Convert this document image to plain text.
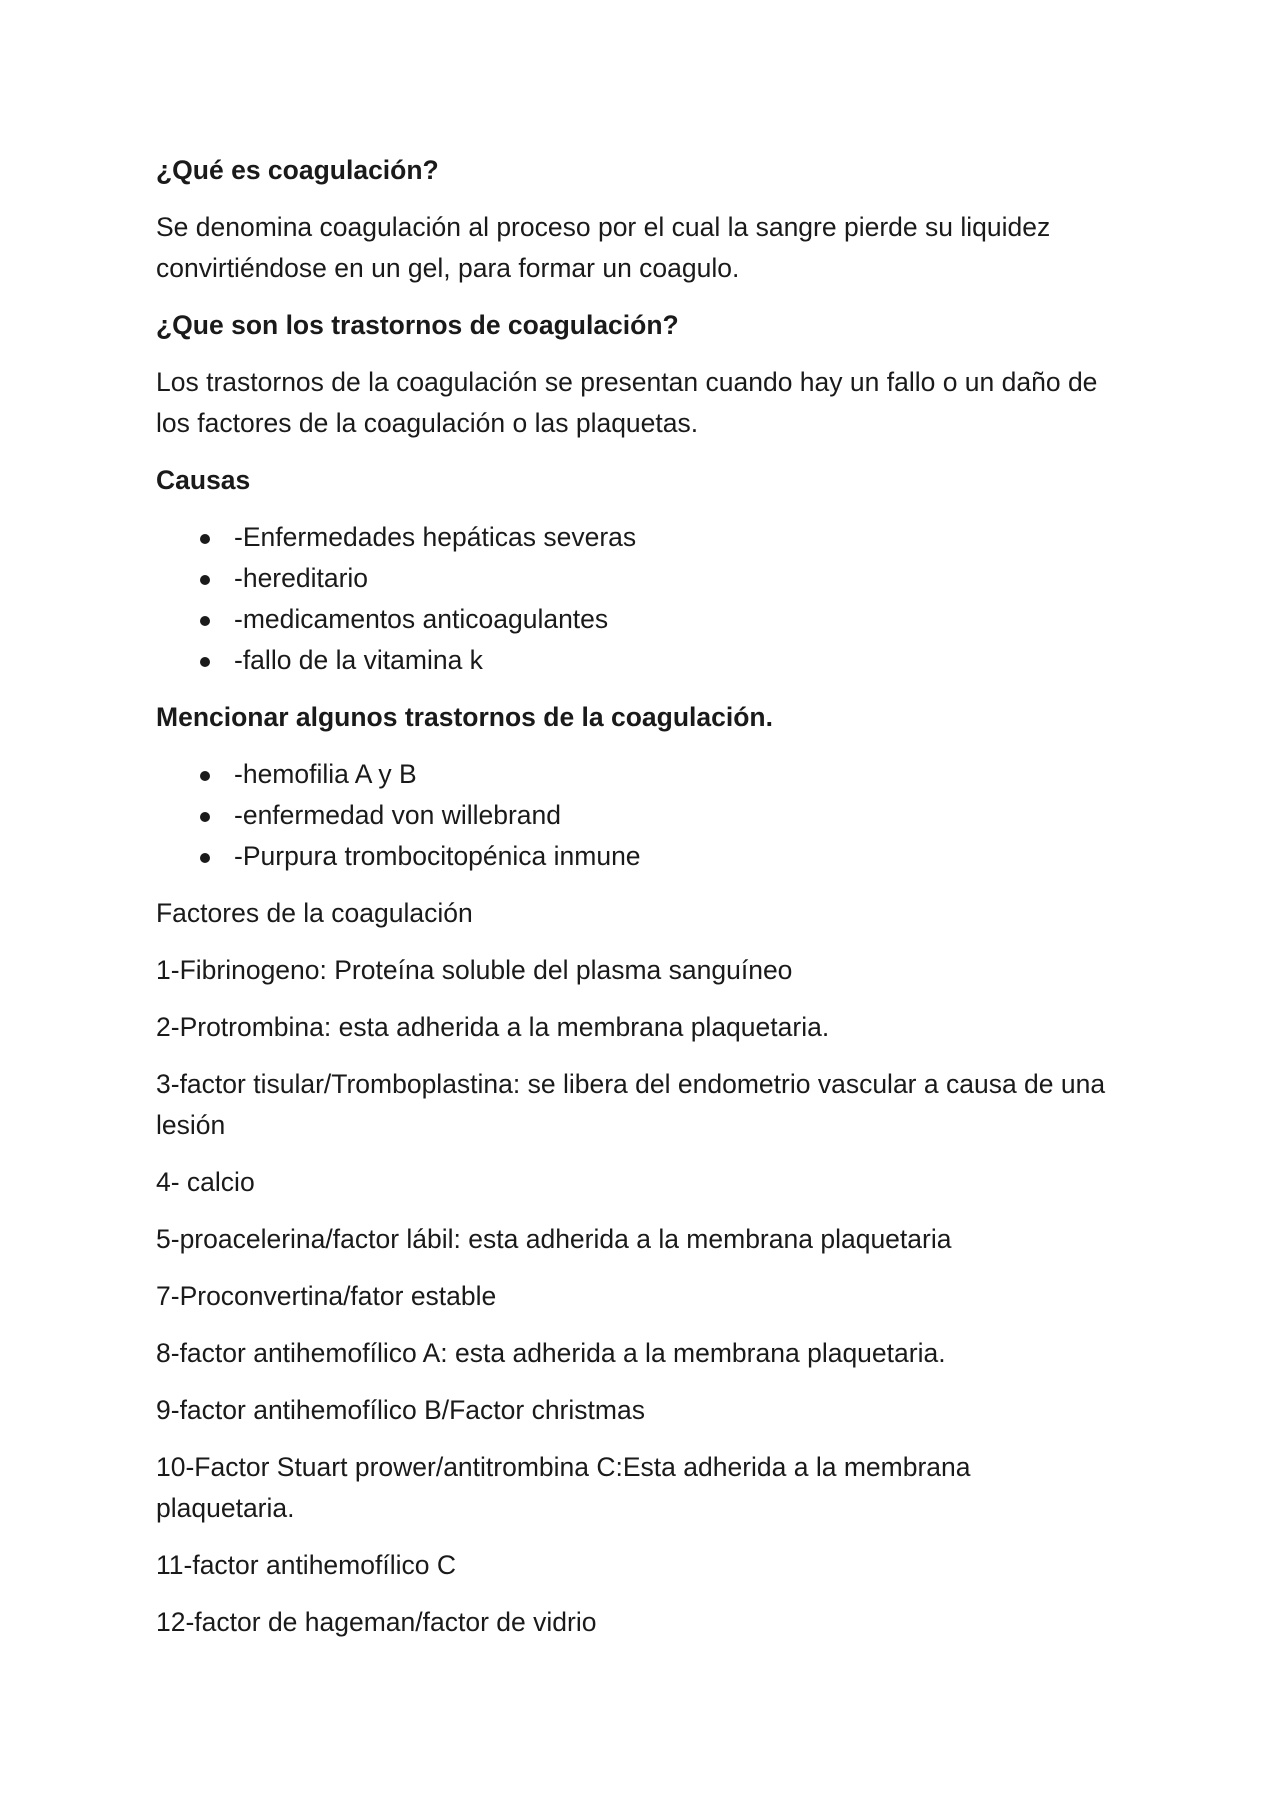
¿Qué es coagulación?

Se denomina coagulación al proceso por el cual la sangre pierde su liquidez convirtiéndose en un gel, para formar un coagulo.

¿Que son los trastornos de coagulación?

Los trastornos de la coagulación se presentan cuando hay un fallo o un daño de los factores de la coagulación o las plaquetas.

Causas

-Enfermedades hepáticas severas
-hereditario
-medicamentos anticoagulantes
-fallo de la vitamina k

Mencionar algunos trastornos de la coagulación.

-hemofilia A y B
-enfermedad von willebrand
-Purpura trombocitopénica inmune

Factores de la coagulación

1-Fibrinogeno: Proteína soluble del plasma sanguíneo

2-Protrombina: esta adherida a la membrana plaquetaria.

3-factor tisular/Tromboplastina: se libera del endometrio vascular a causa de una lesión

4- calcio

5-proacelerina/factor lábil: esta adherida a la membrana plaquetaria

7-Proconvertina/fator estable

8-factor antihemofílico A: esta adherida a la membrana plaquetaria.

9-factor antihemofílico B/Factor christmas

10-Factor Stuart prower/antitrombina C:Esta adherida a la membrana plaquetaria.

11-factor antihemofílico C

12-factor de hageman/factor de vidrio
